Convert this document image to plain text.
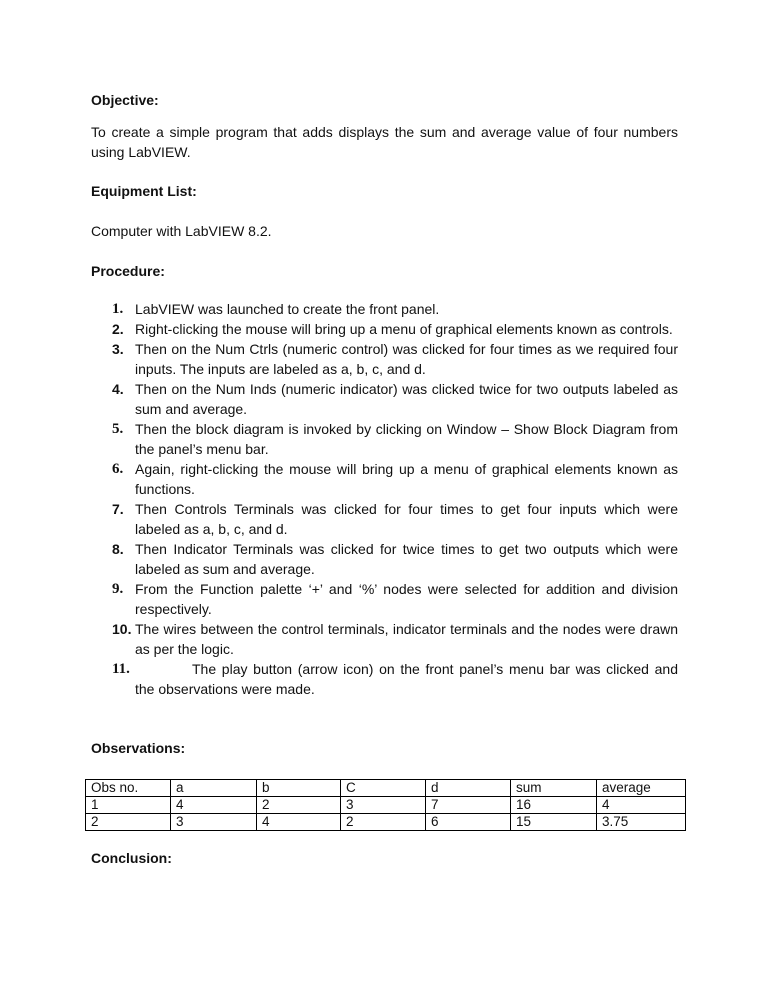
Objective:
To create a simple program that adds displays the sum and average value of four numbers using LabVIEW.
Equipment List:
Computer with LabVIEW 8.2.
Procedure:
1. LabVIEW was launched to create the front panel.
2. Right-clicking the mouse will bring up a menu of graphical elements known as controls.
3. Then on the Num Ctrls (numeric control) was clicked for four times as we required four inputs. The inputs are labeled as a, b, c, and d.
4. Then on the Num Inds (numeric indicator) was clicked twice for two outputs labeled as sum and average.
5. Then the block diagram is invoked by clicking on Window – Show Block Diagram from the panel’s menu bar.
6. Again, right-clicking the mouse will bring up a menu of graphical elements known as functions.
7. Then Controls Terminals was clicked for four times to get four inputs which were labeled as a, b, c, and d.
8. Then Indicator Terminals was clicked for twice times to get two outputs which were labeled as sum and average.
9. From the Function palette ‘+’ and ‘%’ nodes were selected for addition and division respectively.
10. The wires between the control terminals, indicator terminals and the nodes were drawn as per the logic.
11.	The play button (arrow icon) on the front panel’s menu bar was clicked and the observations were made.
Observations:
Obs no.	a	b	C	d	sum	average
1	4	2	3	7	16	4
2	3	4	2	6	15	3.75
Conclusion:
